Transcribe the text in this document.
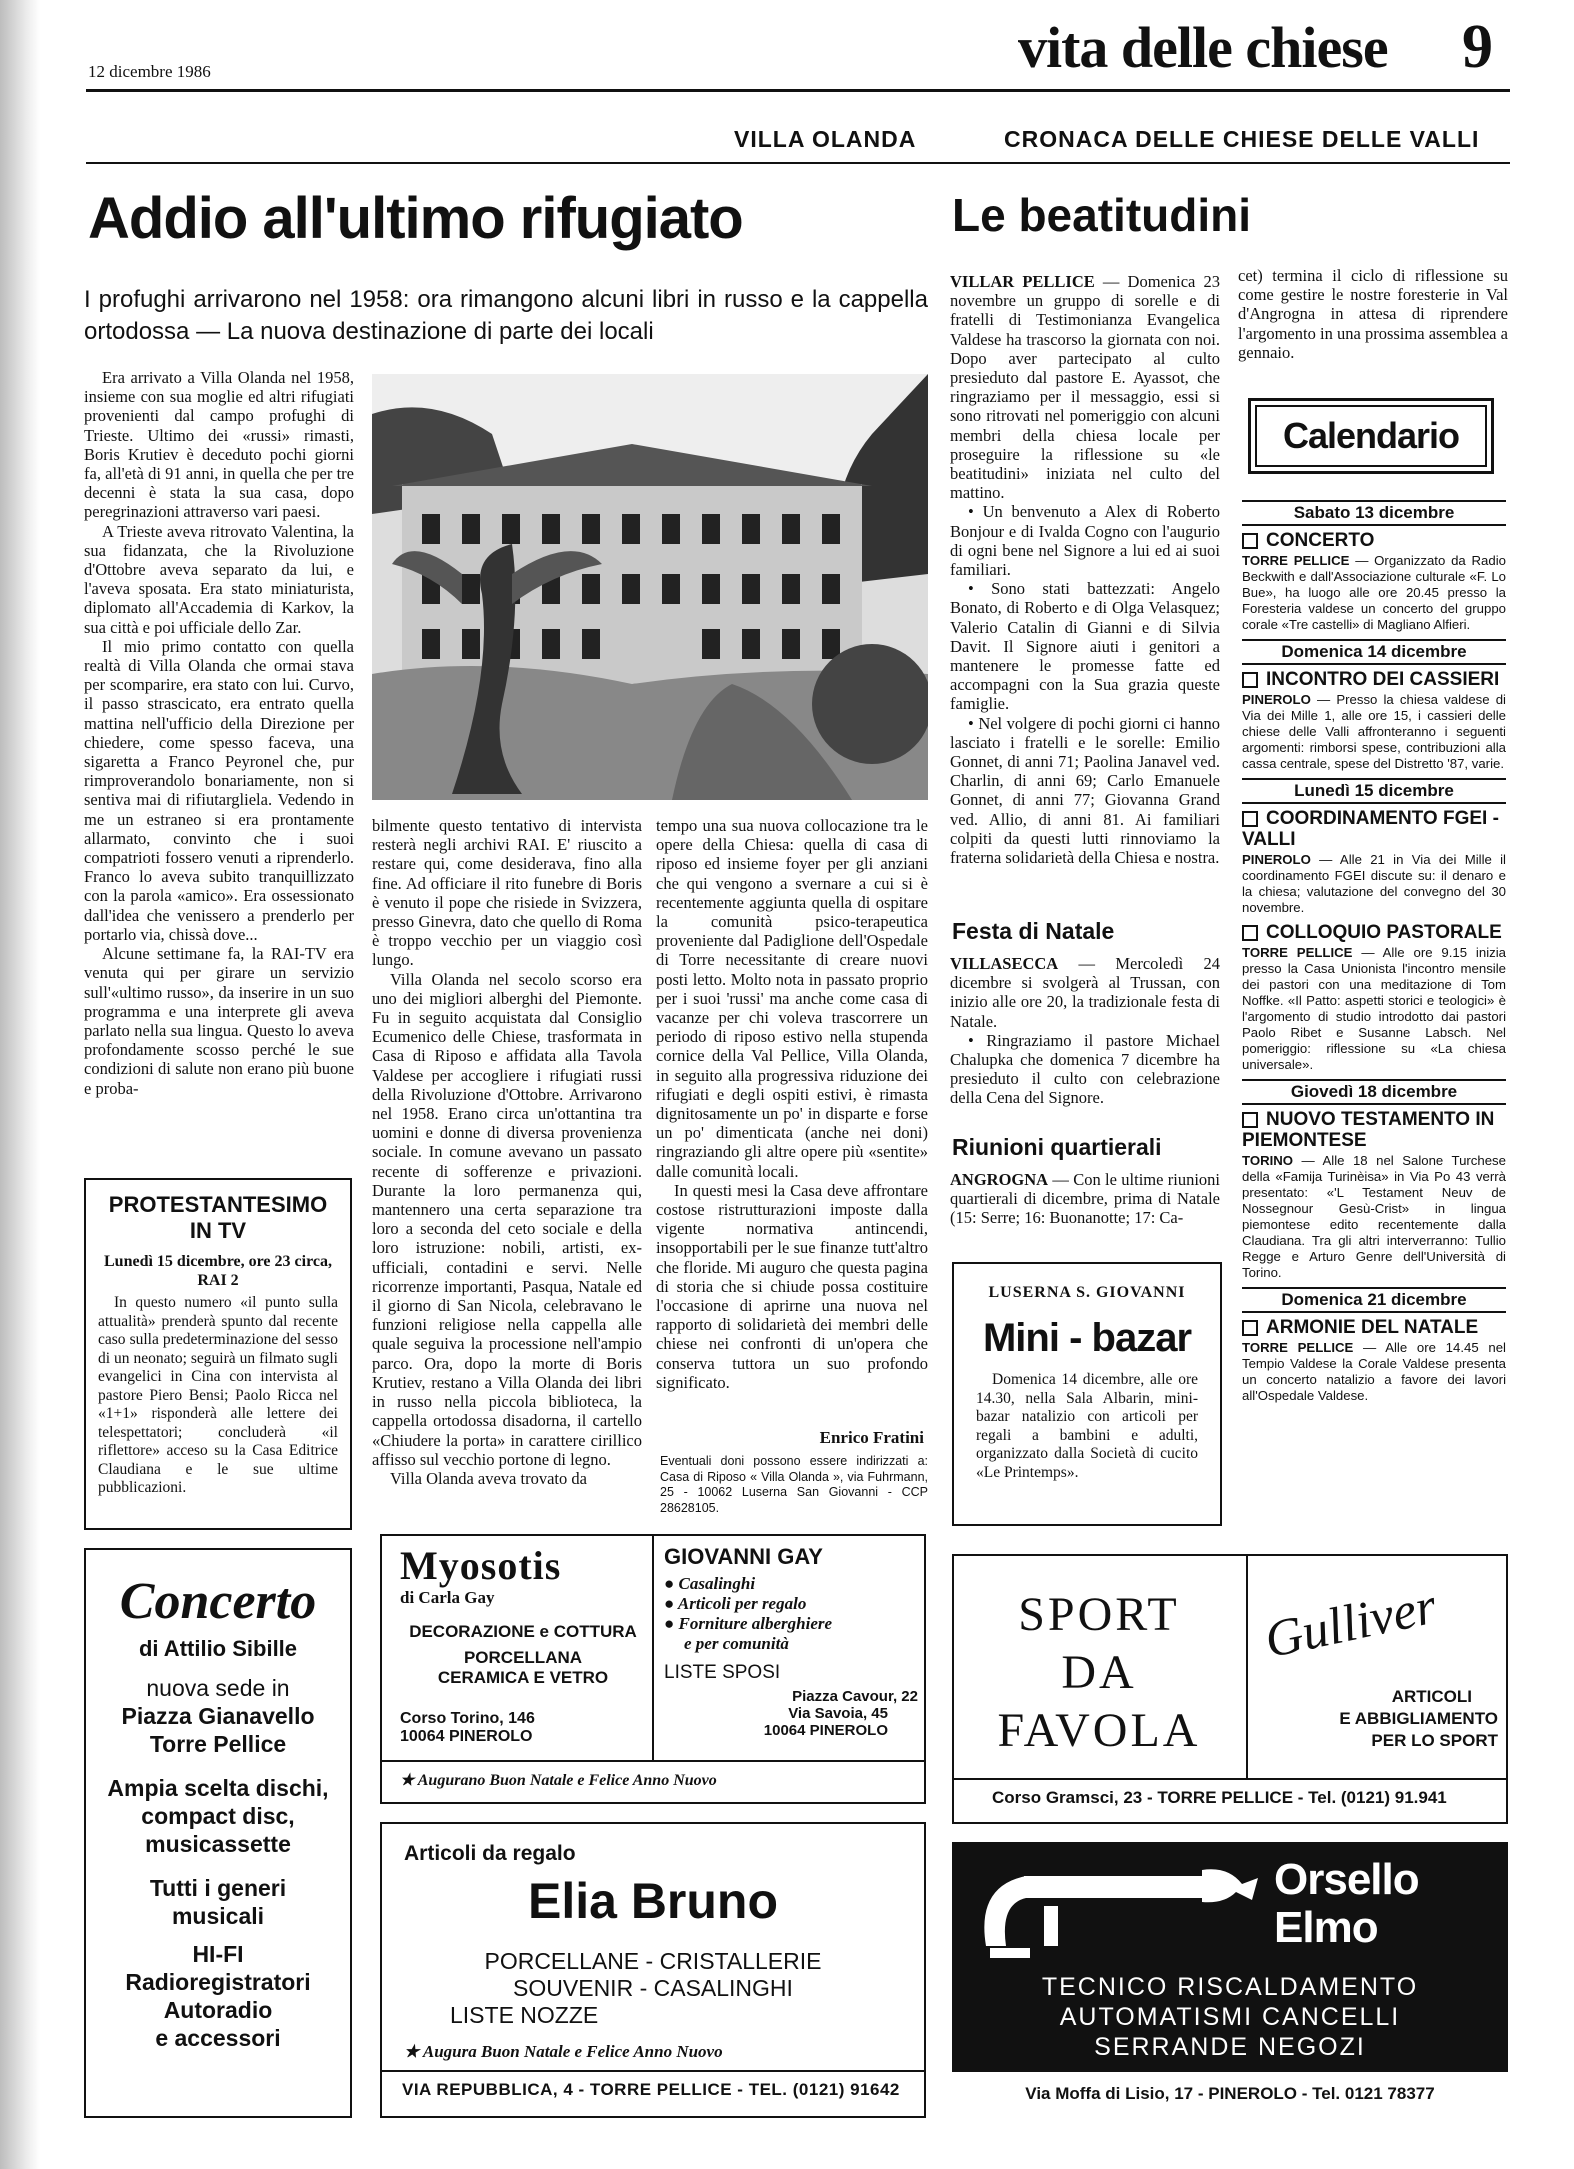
12 dicembre 1986	vita delle chiese 9
VILLA OLANDA	CRONACA DELLE CHIESE DELLE VALLI
Addio all'ultimo rifugiato
I profughi arrivarono nel 1958: ora rimangono alcuni libri in russo e la cappella ortodossa — La nuova destinazione di parte dei locali

Era arrivato a Villa Olanda nel 1958, insieme con sua moglie ed altri rifugiati provenienti dal campo profughi di Trieste. Ultimo dei «russi» rimasti, Boris Krutiev è deceduto pochi giorni fa, all'età di 91 anni, in quella che per tre decenni è stata la sua casa, dopo peregrinazioni attraverso vari paesi.

A Trieste aveva ritrovato Valentina, la sua fidanzata, che la Rivoluzione d'Ottobre aveva separato da lui, e l'aveva sposata. Era stato miniaturista, diplomato all'Accademia di Karkov, la sua città e poi ufficiale dello Zar.

Il mio primo contatto con quella realtà di Villa Olanda che ormai stava per scomparire, era stato con lui. Curvo, il passo strascicato, era entrato quella mattina nell'ufficio della Direzione per chiedere, come spesso faceva, una sigaretta a Franco Peyronel che, pur rimproverandolo bonariamente, non si sentiva mai di rifiutargliela. Vedendo in me un estraneo si era prontamente allarmato, convinto che i suoi compatrioti fossero venuti a riprenderlo. Franco lo aveva subito tranquillizzato con la parola «amico». Era ossessionato dall'idea che venissero a prenderlo per portarlo via, chissà dove...

Alcune settimane fa, la RAI-TV era venuta qui per girare un servizio sull'«ultimo russo», da inserire in un suo programma e una interprete gli aveva parlato nella sua lingua. Questo lo aveva profondamente scosso perché le sue condizioni di salute non erano più buone e proba-

bilmente questo tentativo di intervista resterà negli archivi RAI. E' riuscito a restare qui, come desiderava, fino alla fine. Ad officiare il rito funebre di Boris è venuto il pope che risiede in Svizzera, presso Ginevra, dato che quello di Roma è troppo vecchio per un viaggio così lungo.

Villa Olanda nel secolo scorso era uno dei migliori alberghi del Piemonte. Fu in seguito acquistata dal Consiglio Ecumenico delle Chiese, trasformata in Casa di Riposo e affidata alla Tavola Valdese per accogliere i rifugiati russi della Rivoluzione d'Ottobre. Arrivarono nel 1958. Erano circa un'ottantina tra uomini e donne di diversa provenienza sociale. In comune avevano un passato recente di sofferenze e privazioni. Durante la loro permanenza qui, mantennero una certa separazione tra loro a seconda del ceto sociale e della loro istruzione: nobili, artisti, ex-ufficiali, contadini e servi. Nelle ricorrenze importanti, Pasqua, Natale ed il giorno di San Nicola, celebravano le funzioni religiose nella cappella alle quale seguiva la processione nell'ampio parco. Ora, dopo la morte di Boris Krutiev, restano a Villa Olanda dei libri in russo nella piccola biblioteca, la cappella ortodossa disadorna, il cartello «Chiudere la porta» in carattere cirillico affisso sul vecchio portone di legno.

Villa Olanda aveva trovato da

tempo una sua nuova collocazione tra le opere della Chiesa: quella di casa di riposo ed insieme foyer per gli anziani che qui vengono a svernare a cui si è recentemente aggiunta quella di ospitare la comunità psico-terapeutica proveniente dal Padiglione dell'Ospedale di Torre necessitante di creare nuovi posti letto. Molto nota in passato proprio per i suoi 'russi' ma anche come casa di vacanze per chi voleva trascorrere un periodo di riposo estivo nella stupenda cornice della Val Pellice, Villa Olanda, in seguito alla progressiva riduzione dei rifugiati e degli ospiti estivi, è rimasta dignitosamente un po' in disparte e forse un po' dimenticata (anche nei doni) ringraziando gli altre opere più «sentite» dalle comunità locali.

In questi mesi la Casa deve affrontare costose ristrutturazioni imposte dalla vigente normativa antincendi, insopportabili per le sue finanze tutt'altro che floride. Mi auguro che questa pagina di storia che si chiude possa costituire l'occasione di aprirne una nuova nel rapporto di solidarietà dei membri delle chiese nei confronti di un'opera che conserva tuttora un suo profondo significato.

Enrico Fratini
Eventuali doni possono essere indirizzati a: Casa di Riposo « Villa Olanda », via Fuhrmann, 25 - 10062 Luserna San Giovanni - CCP 28628105.
PROTESTANTESIMO IN TV
Lunedì 15 dicembre, ore 23 circa, RAI 2
In questo numero «il punto sulla attualità» prenderà spunto dal recente caso sulla predeterminazione del sesso di un neonato; seguirà un filmato sugli evangelici in Cina con intervista al pastore Piero Bensi; Paolo Ricca nel «1+1» risponderà alle lettere dei telespettatori; concluderà «il riflettore» acceso su la Casa Editrice Claudiana e le sue ultime pubblicazioni.
Le beatitudini

VILLAR PELLICE — Domenica 23 novembre un gruppo di sorelle e di fratelli di Testimonianza Evangelica Valdese ha trascorso la giornata con noi. Dopo aver partecipato al culto presieduto dal pastore E. Ayassot, che ringraziamo per il messaggio, essi si sono ritrovati nel pomeriggio con alcuni membri della chiesa locale per proseguire la riflessione su «le beatitudini» iniziata nel culto del mattino.

• Un benvenuto a Alex di Roberto Bonjour e di Ivalda Cogno con l'augurio di ogni bene nel Signore a lui ed ai suoi familiari.

• Sono stati battezzati: Angelo Bonato, di Roberto e di Olga Velasquez; Valerio Catalin di Gianni e di Silvia Davit. Il Signore aiuti i genitori a mantenere le promesse fatte ed accompagni con la Sua grazia queste famiglie.

• Nel volgere di pochi giorni ci hanno lasciato i fratelli e le sorelle: Emilio Gonnet, di anni 71; Paolina Janavel ved. Charlin, di anni 69; Carlo Emanuele Gonnet, di anni 77; Giovanna Grand ved. Allio, di anni 81. Ai familiari colpiti da questi lutti rinnoviamo la fraterna solidarietà della Chiesa e nostra.

cet) termina il ciclo di riflessione su come gestire le nostre foresterie in Val d'Angrogna in attesa di riprendere l'argomento in una prossima assemblea a gennaio.

Festa di Natale

VILLASECCA — Mercoledì 24 dicembre si svolgerà al Trussan, con inizio alle ore 20, la tradizionale festa di Natale.

• Ringraziamo il pastore Michael Chalupka che domenica 7 dicembre ha presieduto il culto con celebrazione della Cena del Signore.

Riunioni quartierali

ANGROGNA — Con le ultime riunioni quartierali di dicembre, prima di Natale (15: Serre; 16: Buonanotte; 17: Ca-

LUSERNA S. GIOVANNI
Mini - bazar
Domenica 14 dicembre, alle ore 14.30, nella Sala Albarin, mini-bazar natalizio con articoli per regali a bambini e adulti, organizzato dalla Società di cucito «Le Printemps».
Calendario
Sabato 13 dicembre
CONCERTO
TORRE PELLICE — Organizzato da Radio Beckwith e dall'Associazione culturale «F. Lo Bue», ha luogo alle ore 20.45 presso la Foresteria valdese un concerto del gruppo corale «Tre castelli» di Magliano Alfieri.
Domenica 14 dicembre
INCONTRO DEI CASSIERI
PINEROLO — Presso la chiesa valdese di Via dei Mille 1, alle ore 15, i cassieri delle chiese delle Valli affronteranno i seguenti argomenti: rimborsi spese, contribuzioni alla cassa centrale, spese del Distretto '87, varie.
Lunedì 15 dicembre
COORDINAMENTO FGEI - VALLI
PINEROLO — Alle 21 in Via dei Mille il coordinamento FGEI discute su: il denaro e la chiesa; valutazione del convegno del 30 novembre.
COLLOQUIO PASTORALE
TORRE PELLICE — Alle ore 9.15 inizia presso la Casa Unionista l'incontro mensile dei pastori con una meditazione di Tom Noffke. «Il Patto: aspetti storici e teologici» è l'argomento di studio introdotto dai pastori Paolo Ribet e Susanne Labsch. Nel pomeriggio: riflessione su «La chiesa universale».
Giovedì 18 dicembre
NUOVO TESTAMENTO IN PIEMONTESE
TORINO — Alle 18 nel Salone Turchese della «Famija Turinèisa» in Via Po 43 verrà presentato: «'L Testament Neuv de Nossegnour Gesù-Crist» in lingua piemontese edito recentemente dalla Claudiana. Tra gli altri interverranno: Tullio Regge e Arturo Genre dell'Università di Torino.
Domenica 21 dicembre
ARMONIE DEL NATALE
TORRE PELLICE — Alle ore 14.45 nel Tempio Valdese la Corale Valdese presenta un concerto natalizio a favore dei lavori all'Ospedale Valdese.
Concerto
di Attilio Sibille
nuova sede in
Piazza Gianavello
Torre Pellice
Ampia scelta dischi,
compact disc,
musicassette
Tutti i generi
musicali
HI-FI
Radioregistratori
Autoradio
e accessori
Myosotis
di Carla Gay
DECORAZIONE e COTTURA
PORCELLANA
CERAMICA E VETRO
Corso Torino, 146
10064 PINEROLO
GIOVANNI GAY
● Casalinghi
● Articoli per regalo
● Forniture alberghiere
e per comunità
LISTE SPOSI
Piazza Cavour, 22
Via Savoia, 45
10064 PINEROLO
★ Augurano Buon Natale e Felice Anno Nuovo
Articoli da regalo
Elia Bruno
PORCELLANE - CRISTALLERIE
SOUVENIR - CASALINGHI
LISTE NOZZE
★ Augura Buon Natale e Felice Anno Nuovo
VIA REPUBBLICA, 4 - TORRE PELLICE - TEL. (0121) 91642
SPORT
DA
FAVOLA
Gulliver
ARTICOLI
E ABBIGLIAMENTO
PER LO SPORT
Corso Gramsci, 23 - TORRE PELLICE - Tel. (0121) 91.941
Orsello
Elmo
TECNICO RISCALDAMENTO
AUTOMATISMI CANCELLI
SERRANDE NEGOZI
Via Moffa di Lisio, 17 - PINEROLO - Tel. 0121 78377
